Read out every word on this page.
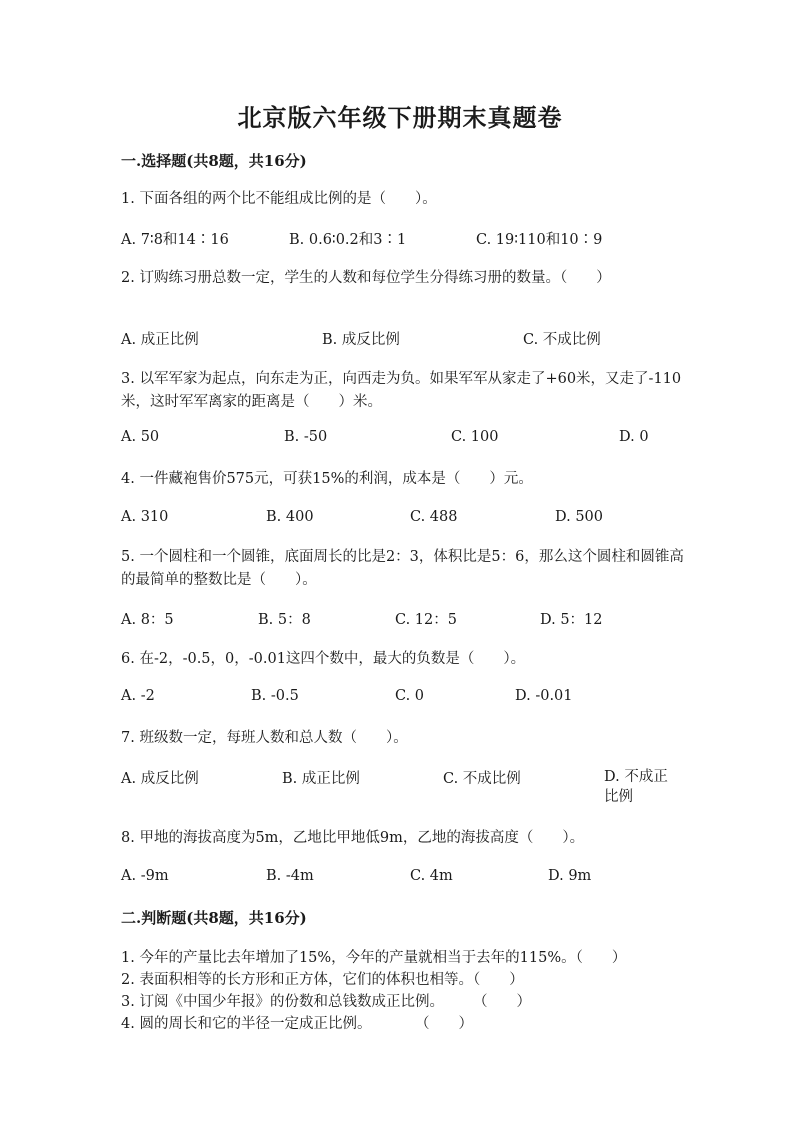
北京版六年级下册期末真题卷
一.选择题(共8题，共16分)
1. 下面各组的两个比不能组成比例的是（　　）。
A. 7∶8和14∶16	B. 0.6∶0.2和3∶1	C. 19∶110和10∶9
2. 订购练习册总数一定，学生的人数和每位学生分得练习册的数量。（　　）
A. 成正比例	B. 成反比例	C. 不成比例
3. 以军军家为起点，向东走为正，向西走为负。如果军军从家走了+60米，又走了-110米，这时军军离家的距离是（　　）米。
A. 50	B. -50	C. 100	D. 0
4. 一件藏袍售价575元，可获15%的利润，成本是（　　）元。
A. 310	B. 400	C. 488	D. 500
5. 一个圆柱和一个圆锥，底面周长的比是2：3，体积比是5：6，那么这个圆柱和圆锥高的最简单的整数比是（　　）。
A. 8：5	B. 5：8	C. 12：5	D. 5：12
6. 在-2，-0.5，0，-0.01这四个数中，最大的负数是（　　）。
A. -2	B. -0.5	C. 0	D. -0.01
7. 班级数一定，每班人数和总人数（　　）。
A. 成反比例	B. 成正比例	C. 不成比例	D. 不成正比例
8. 甲地的海拔高度为5m，乙地比甲地低9m，乙地的海拔高度（　　）。
A. -9m	B. -4m	C. 4m	D. 9m
二.判断题(共8题，共16分)
1. 今年的产量比去年增加了15%，今年的产量就相当于去年的115%。（　　）
2. 表面积相等的长方形和正方体，它们的体积也相等。（　　）
3. 订阅《中国少年报》的份数和总钱数成正比例。　　　（　　）
4. 圆的周长和它的半径一定成正比例。　　　　（　　）
